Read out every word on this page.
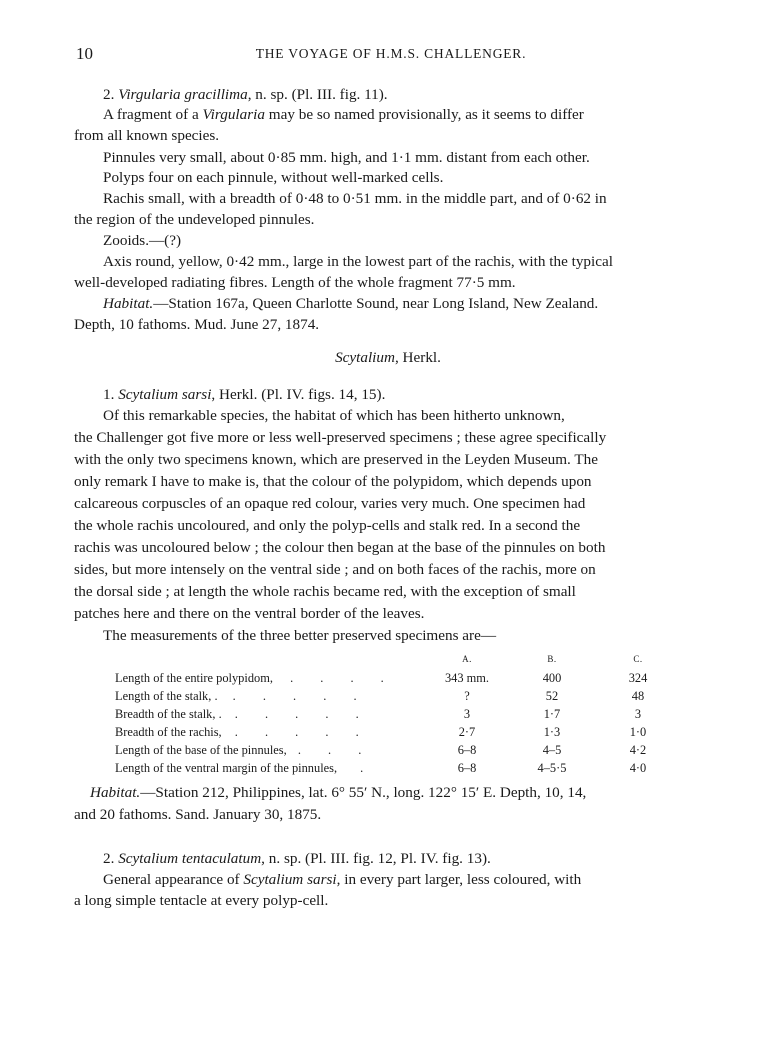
10	THE VOYAGE OF H.M.S. CHALLENGER.
2. Virgularia gracillima, n. sp. (Pl. III. fig. 11).
A fragment of a Virgularia may be so named provisionally, as it seems to differ
from all known species.
Pinnules very small, about 0·85 mm. high, and 1·1 mm. distant from each other.
Polyps four on each pinnule, without well-marked cells.
Rachis small, with a breadth of 0·48 to 0·51 mm. in the middle part, and of 0·62 in
the region of the undeveloped pinnules.
Zooids.—(?)
Axis round, yellow, 0·42 mm., large in the lowest part of the rachis, with the typical
well-developed radiating fibres. Length of the whole fragment 77·5 mm.
Habitat.—Station 167a, Queen Charlotte Sound, near Long Island, New Zealand.
Depth, 10 fathoms. Mud. June 27, 1874.
Scytalium, Herkl.
1. Scytalium sarsi, Herkl. (Pl. IV. figs. 14, 15).
Of this remarkable species, the habitat of which has been hitherto unknown,
the Challenger got five more or less well-preserved specimens ; these agree specifically
with the only two specimens known, which are preserved in the Leyden Museum. The
only remark I have to make is, that the colour of the polypidom, which depends upon
calcareous corpuscles of an opaque red colour, varies very much. One specimen had
the whole rachis uncoloured, and only the polyp-cells and stalk red. In a second the
rachis was uncoloured below ; the colour then began at the base of the pinnules on both
sides, but more intensely on the ventral side ; and on both faces of the rachis, more on
the dorsal side ; at length the whole rachis became red, with the exception of small
patches here and there on the ventral border of the leaves.
The measurements of the three better preserved specimens are—
A.	B.	C.
Length of the entire polypidom, . . . .	343 mm.	400	324
Length of the stalk, . . . . . .	?	52	48
Breadth of the stalk, . . . . . .	3	1·7	3
Breadth of the rachis, . . . . .	2·7	1·3	1·0
Length of the base of the pinnules, . . .	6–8	4–5	4·2
Length of the ventral margin of the pinnules, .	6–8	4–5·5	4·0
Habitat.—Station 212, Philippines, lat. 6° 55′ N., long. 122° 15′ E. Depth, 10, 14,
and 20 fathoms. Sand. January 30, 1875.
2. Scytalium tentaculatum, n. sp. (Pl. III. fig. 12, Pl. IV. fig. 13).
General appearance of Scytalium sarsi, in every part larger, less coloured, with
a long simple tentacle at every polyp-cell.
